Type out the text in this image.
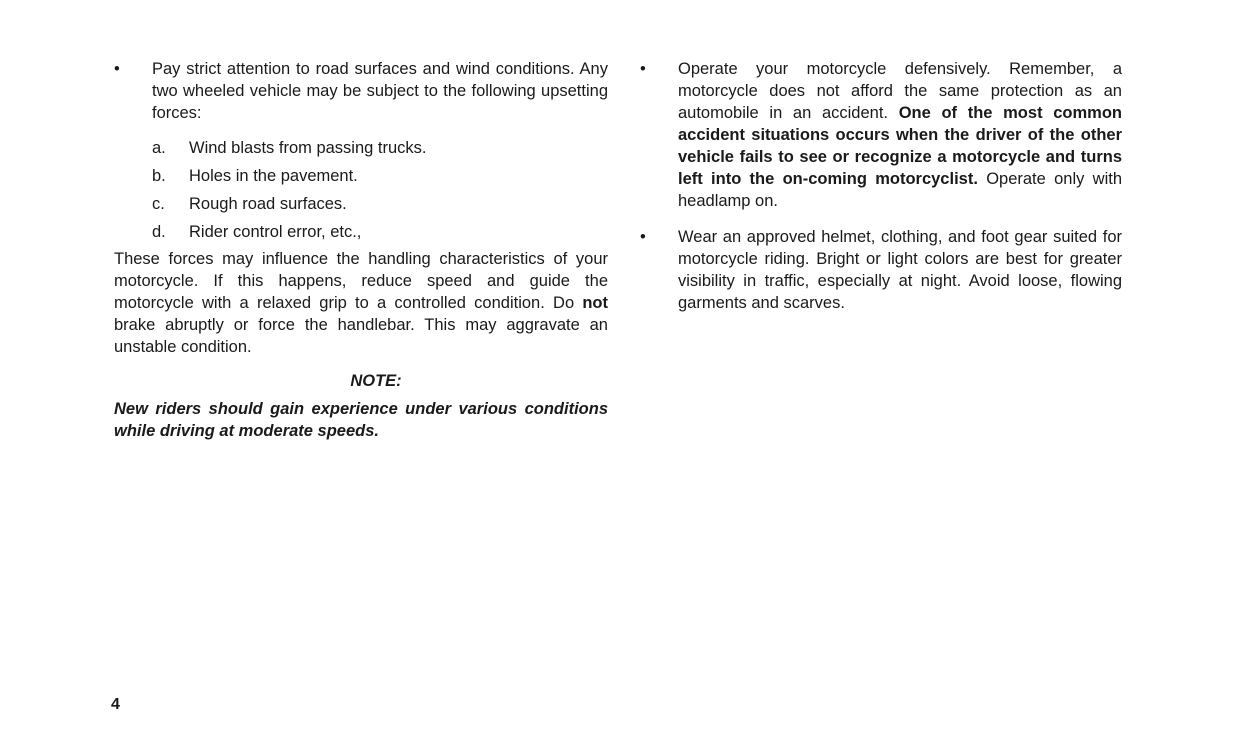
•	Pay strict attention to road surfaces and wind conditions. Any two wheeled vehicle may be subject to the following upsetting forces:
a.	Wind blasts from passing trucks.
b.	Holes in the pavement.
c.	Rough road surfaces.
d.	Rider control error, etc.,
These forces may influence the handling characteristics of your motorcycle. If this happens, reduce speed and guide the motorcycle with a relaxed grip to a controlled condition. Do not brake abruptly or force the handlebar. This may aggravate an unstable condition.
NOTE:
New riders should gain experience under various conditions while driving at moderate speeds.
•	Operate your motorcycle defensively. Remember, a motorcycle does not afford the same protection as an automobile in an accident. One of the most common accident situations occurs when the driver of the other vehicle fails to see or recognize a motorcycle and turns left into the on-coming motorcyclist. Operate only with headlamp on.
•	Wear an approved helmet, clothing, and foot gear suited for motorcycle riding. Bright or light colors are best for greater visibility in traffic, especially at night. Avoid loose, flowing garments and scarves.
4
